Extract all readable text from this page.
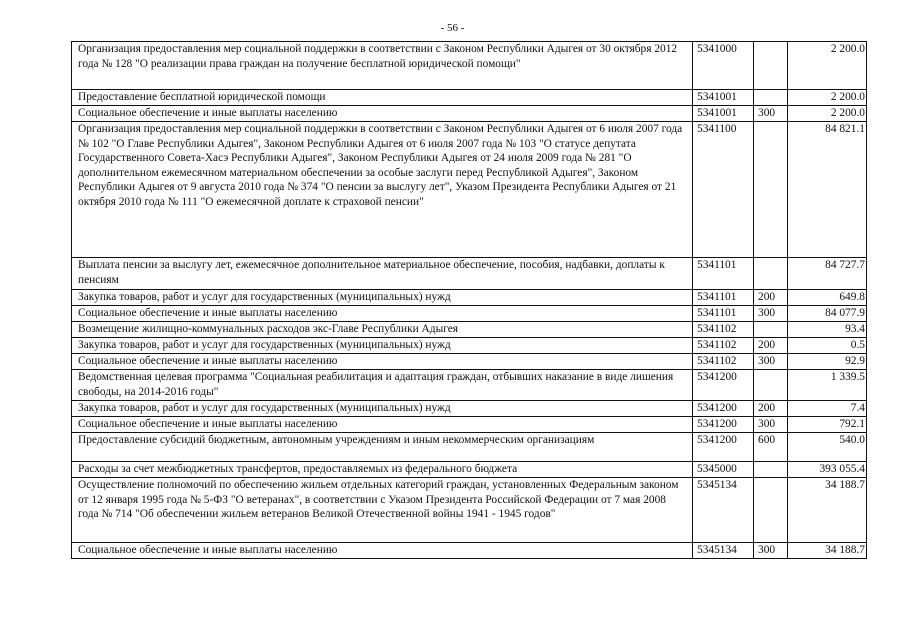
- 56 -
Организация предоставления мер социальной поддержки в соответствии с Законом Республики Адыгея от 30 октября 2012 года № 128 "О реализации права граждан на получение бесплатной юридической помощи"	5341000		2 200.0
Предоставление бесплатной юридической помощи	5341001		2 200.0
Социальное обеспечение и иные выплаты населению	5341001	300	2 200.0
Организация предоставления мер социальной поддержки в соответствии с Законом Республики Адыгея от 6 июля 2007 года № 102 "О Главе Республики Адыгея", Законом Республики Адыгея от 6 июля 2007 года № 103 "О статусе депутата Государственного Совета-Хасэ Республики Адыгея", Законом Республики Адыгея от 24 июля 2009 года № 281 "О дополнительном ежемесячном материальном обеспечении за особые заслуги перед Республикой Адыгея", Законом Республики Адыгея от 9 августа 2010 года № 374 "О пенсии за выслугу лет", Указом Президента Республики Адыгея от 21 октября 2010 года № 111 "О ежемесячной доплате к страховой пенсии"	5341100		84 821.1
Выплата пенсии за выслугу лет, ежемесячное дополнительное материальное обеспечение, пособия, надбавки, доплаты к пенсиям	5341101		84 727.7
Закупка товаров, работ и услуг для государственных (муниципальных) нужд	5341101	200	649.8
Социальное обеспечение и иные выплаты населению	5341101	300	84 077.9
Возмещение жилищно-коммунальных расходов экс-Главе Республики Адыгея	5341102		93.4
Закупка товаров, работ и услуг для государственных (муниципальных) нужд	5341102	200	0.5
Социальное обеспечение и иные выплаты населению	5341102	300	92.9
Ведомственная целевая программа "Социальная реабилитация и адаптация граждан, отбывших наказание в виде лишения свободы, на 2014-2016 годы"	5341200		1 339.5
Закупка товаров, работ и услуг для государственных (муниципальных) нужд	5341200	200	7.4
Социальное обеспечение и иные выплаты населению	5341200	300	792.1
Предоставление субсидий бюджетным, автономным учреждениям и иным некоммерческим организациям	5341200	600	540.0
Расходы за счет межбюджетных трансфертов, предоставляемых из федерального бюджета	5345000		393 055.4
Осуществление полномочий по обеспечению жильем отдельных категорий граждан, установленных Федеральным законом от 12 января 1995 года № 5-ФЗ "О ветеранах", в соответствии с Указом Президента Российской Федерации от 7 мая 2008 года № 714 "Об обеспечении жильем ветеранов Великой Отечественной войны 1941 - 1945 годов"	5345134		34 188.7
Социальное обеспечение и иные выплаты населению	5345134	300	34 188.7
